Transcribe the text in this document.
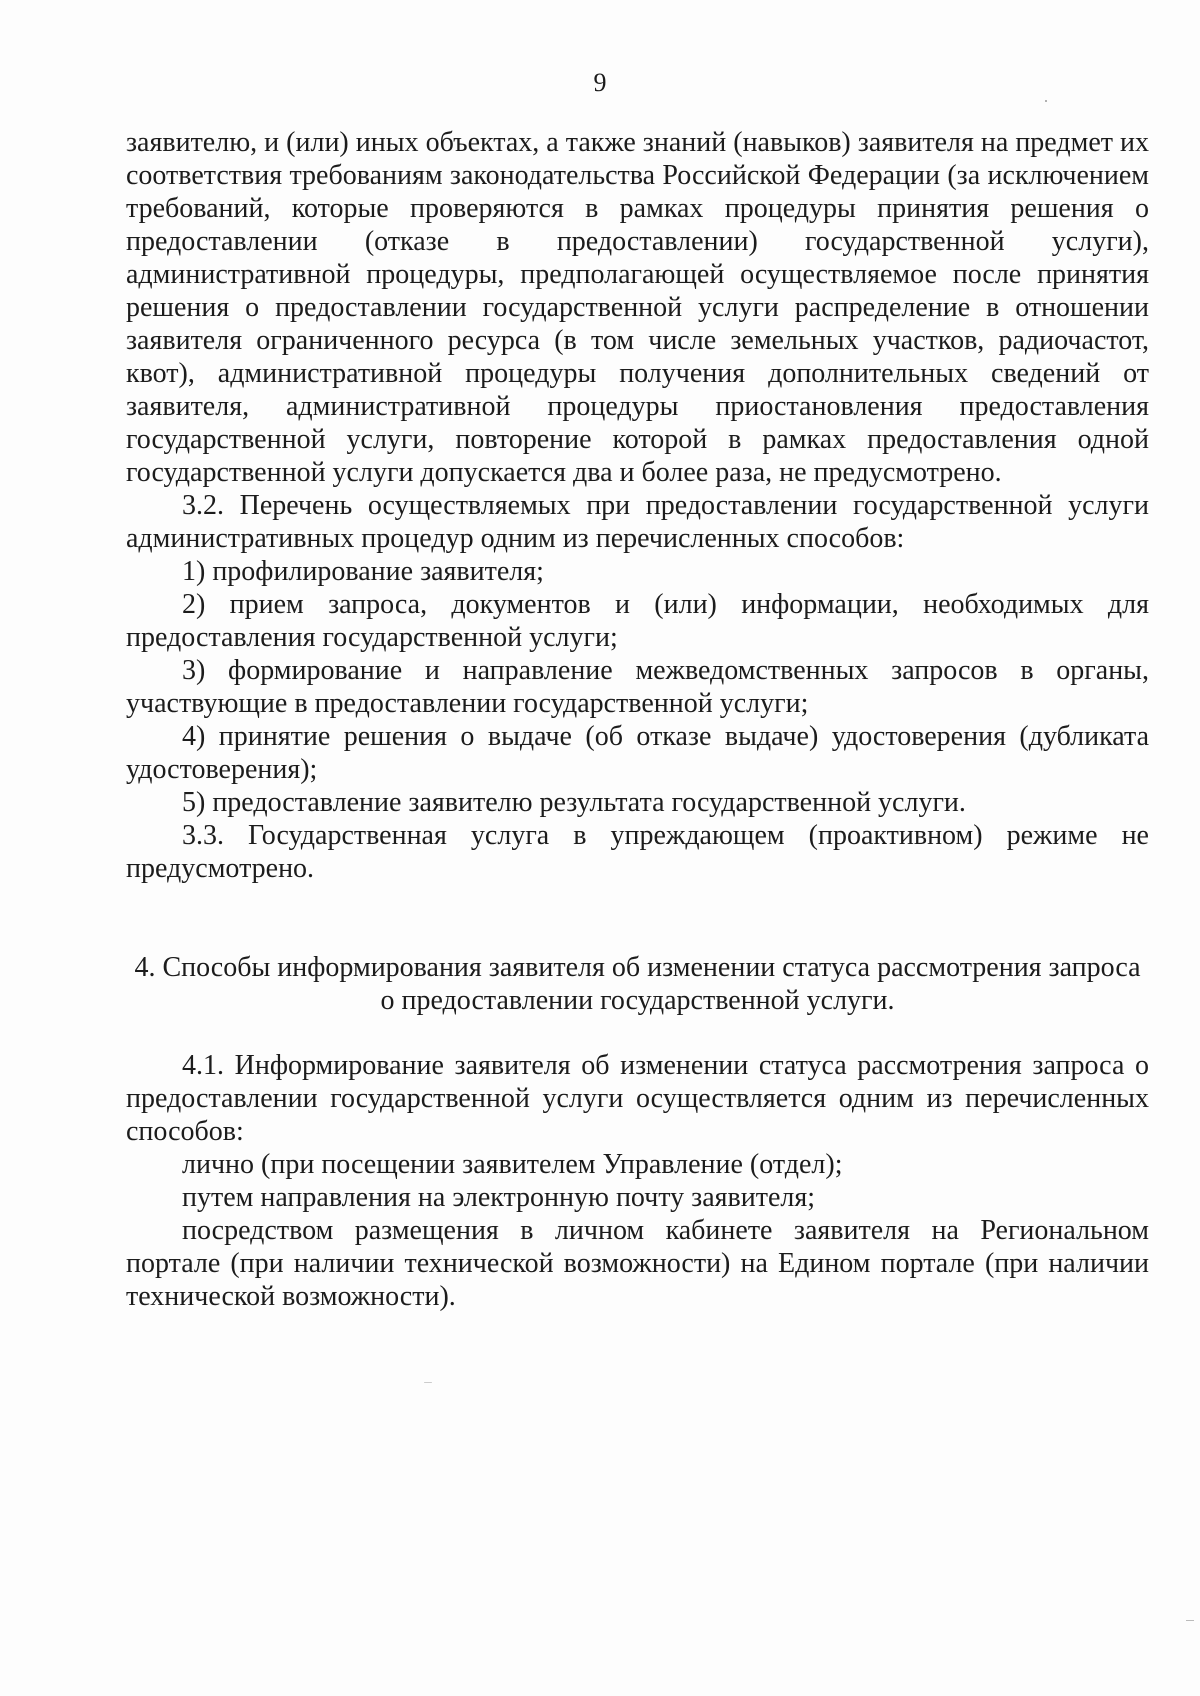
9

заявителю, и (или) иных объектах, а также знаний (навыков) заявителя на предмет их соответствия требованиям законодательства Российской Федерации (за исключением требований, которые проверяются в рамках процедуры принятия решения о предоставлении (отказе в предоставлении) государственной услуги), административной процедуры, предполагающей осуществляемое после принятия решения о предоставлении государственной услуги распределение в отношении заявителя ограниченного ресурса (в том числе земельных участков, радиочастот, квот), административной процедуры получения дополнительных сведений от заявителя, административной процедуры приостановления предоставления государственной услуги, повторение которой в рамках предоставления одной государственной услуги допускается два и более раза, не предусмотрено.

3.2. Перечень осуществляемых при предоставлении государственной услуги административных процедур одним из перечисленных способов:

1) профилирование заявителя;

2) прием запроса, документов и (или) информации, необходимых для предоставления государственной услуги;

3) формирование и направление межведомственных запросов в органы, участвующие в предоставлении государственной услуги;

4) принятие решения о выдаче (об отказе выдаче) удостоверения (дубликата удостоверения);

5) предоставление заявителю результата государственной услуги.

3.3. Государственная услуга в упреждающем (проактивном) режиме не предусмотрено.

4. Способы информирования заявителя об изменении статуса рассмотрения запроса о предоставлении государственной услуги.

4.1. Информирование заявителя об изменении статуса рассмотрения запроса о предоставлении государственной услуги осуществляется одним из перечисленных способов:

лично (при посещении заявителем Управление (отдел);

путем направления на электронную почту заявителя;

посредством размещения в личном кабинете заявителя на Региональном портале (при наличии технической возможности) на Едином портале (при наличии технической возможности).
